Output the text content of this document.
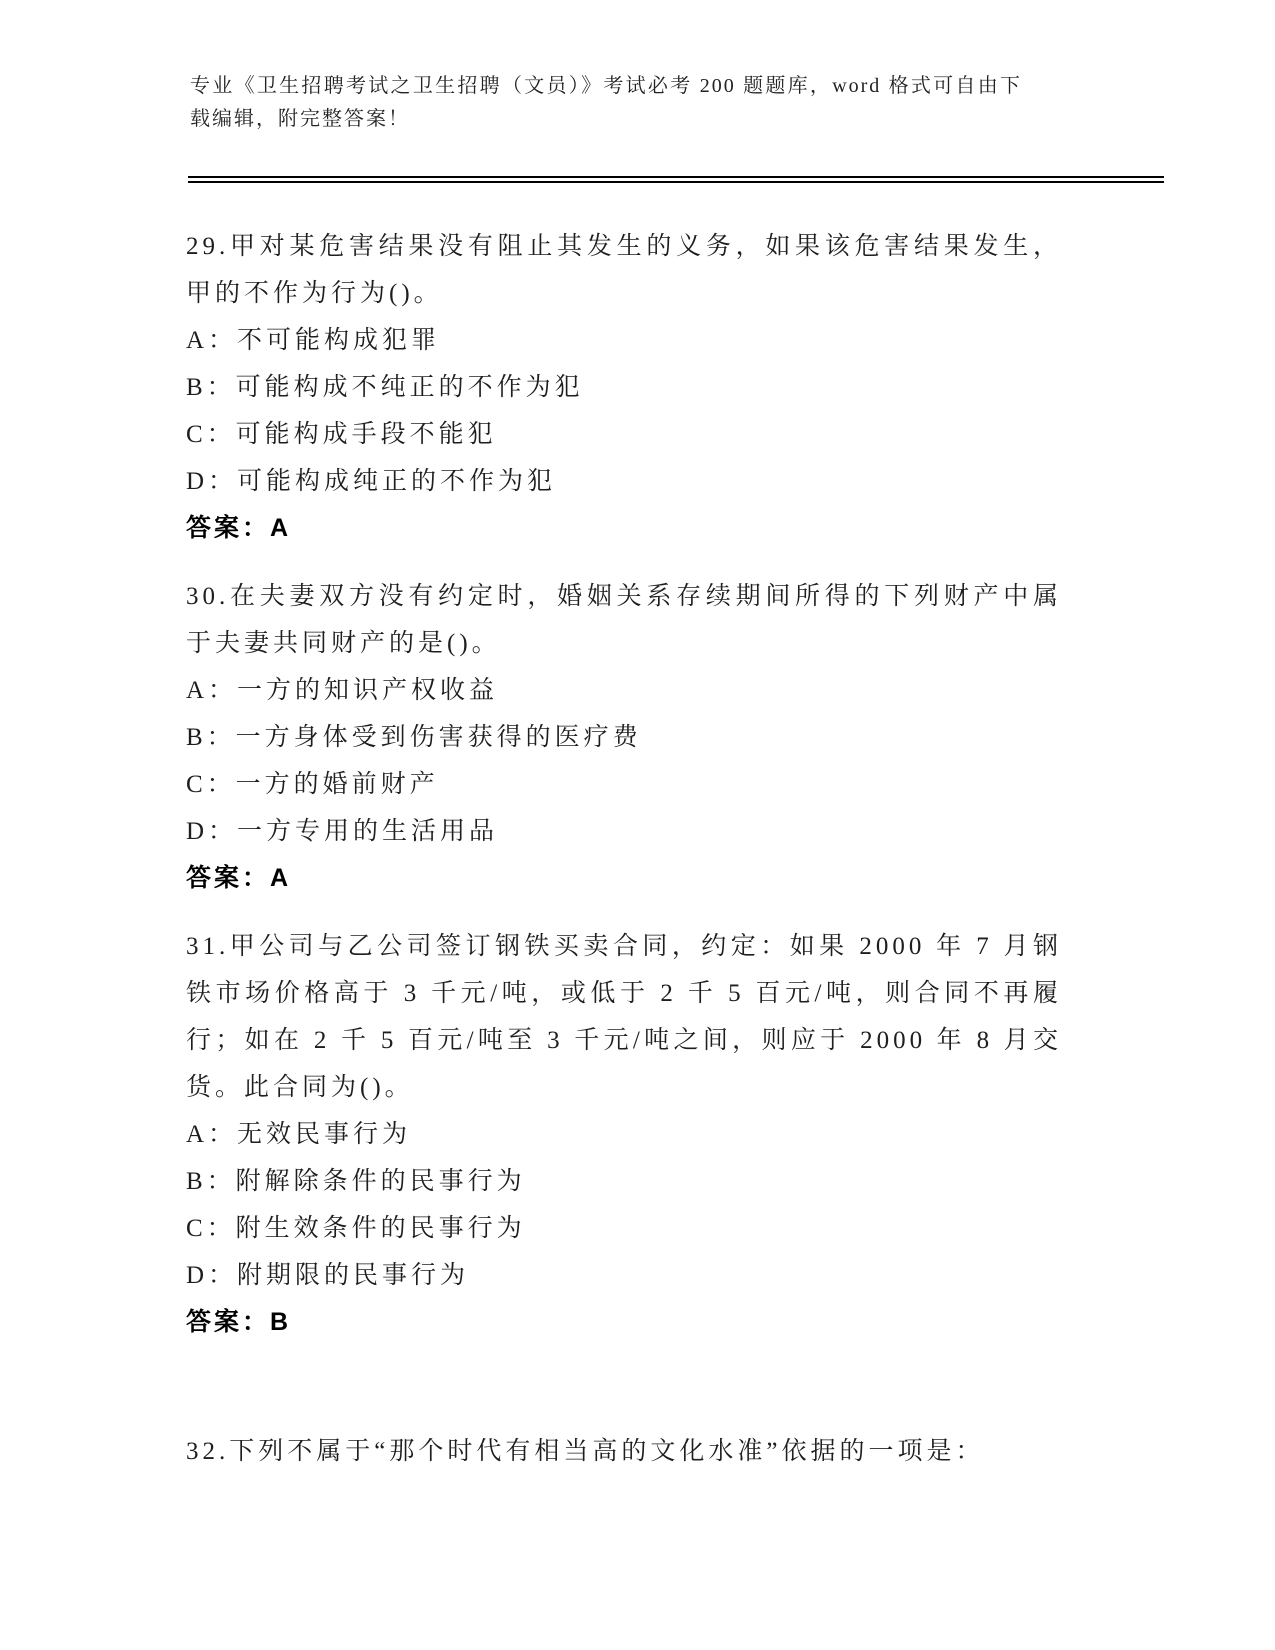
专业《卫生招聘考试之卫生招聘（文员）》考试必考 200 题题库，word 格式可自由下载编辑，附完整答案！

29.甲对某危害结果没有阻止其发生的义务，如果该危害结果发生，甲的不作为行为()。

A：不可能构成犯罪

B：可能构成不纯正的不作为犯

C：可能构成手段不能犯

D：可能构成纯正的不作为犯

答案：A

30.在夫妻双方没有约定时，婚姻关系存续期间所得的下列财产中属于夫妻共同财产的是()。

A：一方的知识产权收益

B：一方身体受到伤害获得的医疗费

C：一方的婚前财产

D：一方专用的生活用品

答案：A

31.甲公司与乙公司签订钢铁买卖合同，约定：如果 2000 年 7 月钢铁市场价格高于 3 千元/吨，或低于 2 千 5 百元/吨，则合同不再履行；如在 2 千 5 百元/吨至 3 千元/吨之间，则应于 2000 年 8 月交货。此合同为()。

A：无效民事行为

B：附解除条件的民事行为

C：附生效条件的民事行为

D：附期限的民事行为

答案：B

32.下列不属于“那个时代有相当高的文化水准”依据的一项是：
